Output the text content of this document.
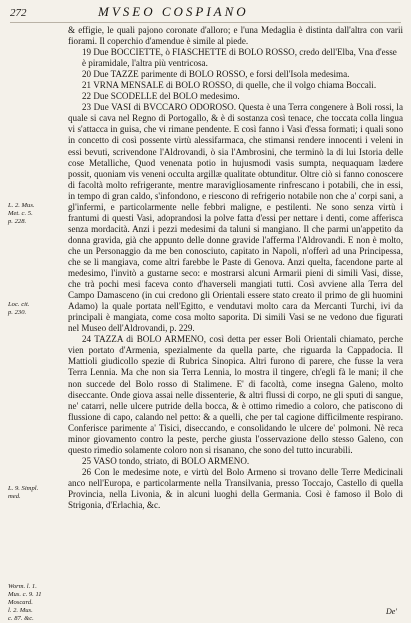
272	MVSEO COSPIANO
L. 2. Mus.
Met. c. 5.
p. 228.
Loc. cit.
p. 230.
L. 9. Simpl.
med.
Worm. l. 1.
Mus. c. 9. 11
Moscard.
l. 2. Mus.
c. 87. &c.

& effigie, le quali pajono coronate d'alloro; e l'una Medaglia è distinta dall'altra con varii fiorami. Il coperchio d'amendue è simile al piede.

19 Due BOCCIETTE, ò FIASCHETTE di BOLO ROSSO, credo dell'Elba, Vna d'esse è piramidale, l'altra più ventricosa.

20 Due TAZZE parimente di BOLO ROSSO, e forsi dell'Isola medesima.

21 VRNA MENSALE di BOLO ROSSO, di quelle, che il volgo chiama Boccali.

22 Due SCODELLE del BOLO medesimo.

23 Due VASI di BVCCARO ODOROSO. Questa è una Terra congenere à Boli rossi, la quale si cava nel Regno di Portogallo, & è di sostanza così tenace, che toccata colla lingua vi s'attacca in guisa, che vi rimane pendente. E così fanno i Vasi d'essa formati; i quali sono in concetto di così possente virtù alessifarmaca, che stimansi rendere innocenti i veleni in essi bevuti, scrivendone l'Aldrovandi, ò sia l'Ambrosini, che terminò la di lui Istoria delle cose Metalliche, Quod venenata potio in hujusmodi vasis sumpta, nequaquam lædere possit, quoniam vis veneni occulta argillæ qualitate obtunditur. Oltre ciò si fanno conoscere di facoltà molto refrigerante, mentre maravigliosamente rinfrescano i potabili, che in essi, in tempo di gran caldo, s'infondono, e riescono di refrigerio notabile non che a' corpi sani, a gl'infermi, e particolarmente nelle febbri maligne, e pestilenti. Ne sono senza virtù i frantumi di questi Vasi, adoprandosi la polve fatta d'essi per nettare i denti, come afferisca senza mordacità. Anzi i pezzi medesimi da taluni si mangiano. Il che parmi un'appetito da donna gravida, già che appunto delle donne gravide l'afferma l'Aldrovandi. E non è molto, che un Personaggio da me ben conosciuto, capitato in Napoli, n'offerì ad una Principessa, che se li mangiava, come altri farebbe le Paste di Genova. Anzi quelta, facendone parte al medesimo, l'invitò a gustarne seco: e mostrarsi alcuni Armarii pieni di simili Vasi, disse, che trà pochi mesi faceva conto d'haverseli mangiati tutti. Così avviene alla Terra del Campo Damasceno (in cui credono gli Orientali essere stato creato il primo de gli huomini Adamo) la quale portata nell'Egitto, e vendutavi molto cara da Mercanti Turchi, ivi da principali è mangiata, come cosa molto saporita. Di simili Vasi se ne vedono due figurati nel Museo dell'Aldrovandi, p. 229.

24 TAZZA di BOLO ARMENO, così detta per esser Boli Orientali chiamato, perche vien portato d'Armenia, spezialmente da quella parte, che riguarda la Cappadocia. Il Mattioli giudicollo spezie di Rubrica Sinopica. Altri furono di parere, che fusse la vera Terra Lennia. Ma che non sia Terra Lennia, lo mostra il tingere, ch'egli fà le mani; il che non succede del Bolo rosso di Stalimene. E' di facoltà, come insegna Galeno, molto diseccante. Onde giova assai nelle dissenterie, & altri flussi di corpo, ne gli sputi di sangue, ne' catarri, nelle ulcere putride della bocca, & è ottimo rimedio a coloro, che patiscono di flussione di capo, calando nel petto: & a quelli, che per tal cagione difficilmente respirano. Conferisce parimente a' Tisici, diseccando, e consolidando le ulcere de' polmoni. Nè reca minor giovamento contro la peste, perche giusta l'osservazione dello stesso Galeno, con questo rimedio solamente coloro non si risanano, che sono del tutto incurabili.

25 VASO tondo, striato, di BOLO ARMENO.

26 Con le medesime note, e virtù del Bolo Armeno si trovano delle Terre Medicinali anco nell'Europa, e particolarmente nella Transilvania, presso Toccajo, Castello di quella Provincia, nella Livonia, & in alcuni luoghi della Germania. Così è famoso il Bolo di Strigonia, d'Erlachia, &c.

De'
